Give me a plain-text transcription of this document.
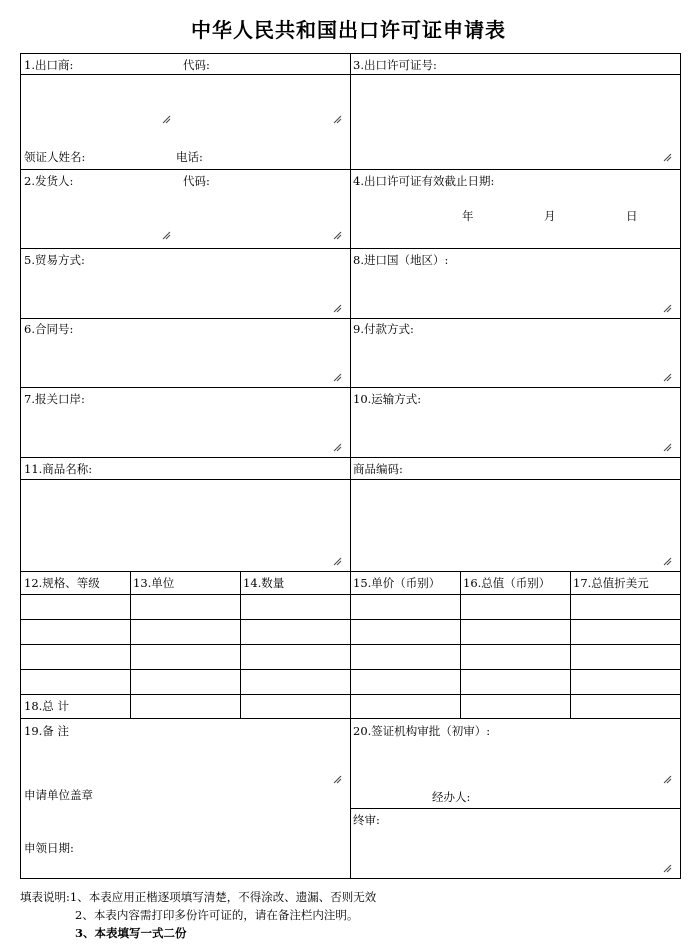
中华人民共和国出口许可证申请表
1.出口商:	代码:	3.出口许可证号:
领证人姓名:	电话:
2.发货人:	代码:	4.出口许可证有效截止日期:
年	月	日
5.贸易方式:	8.进口国（地区）:
6.合同号:	9.付款方式:
7.报关口岸:	10.运输方式:
11.商品名称:	商品编码:
12.规格、等级	13.单位	14.数量	15.单价（币别） 16.总值（币别） 17.总值折美元
18.总 计
19.备 注	20.签证机构审批（初审）:
申请单位盖章	经办人:
终审:
申领日期:
填表说明:1、本表应用正楷逐项填写清楚，不得涂改、遗漏、否则无效
2、本表内容需打印多份许可证的，请在备注栏内注明。
3、本表填写一式二份
